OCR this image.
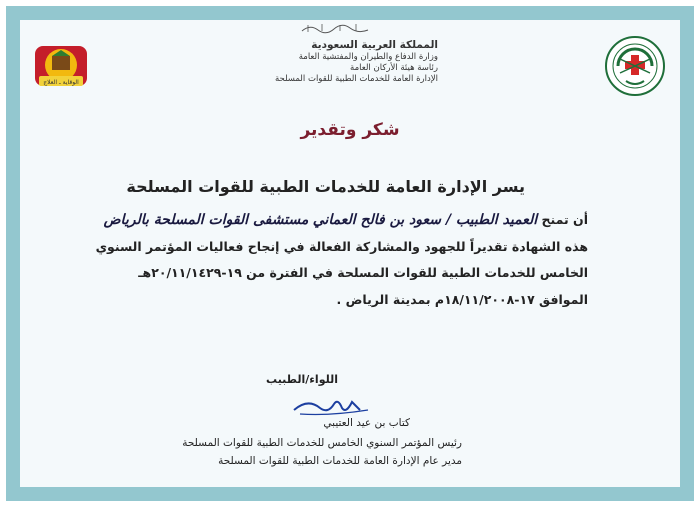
المملكة العربية السعودية
وزارة الدفاع والطيران والمفتشية العامة
رئاسة هيئة الأركان العامة
الإدارة العامة للخدمات الطبية للقوات المسلحة
الوقاية ـ العلاج
شكر وتقدير
يسر الإدارة العامة للخدمات الطبية للقوات المسلحة
أن تمنح العميد الطبيب / سعود بن فالح العماني مستشفى القوات المسلحة بالرياض
هذه الشهادة تقديراً للجهود والمشاركة الفعالة في إنجاح فعاليات المؤتمر السنوي
الخامس للخدمات الطبية للقوات المسلحة في الفترة من ١٩-٢٠/١١/١٤٢٩هـ
الموافق ١٧-١٨/١١/٢٠٠٨م بمدينة الرياض .
اللواء/الطبيب
كتاب بن عيد العتيبي
رئيس المؤتمر السنوي الخامس للخدمات الطبية للقوات المسلحة
مدير عام الإدارة العامة للخدمات الطبية للقوات المسلحة
